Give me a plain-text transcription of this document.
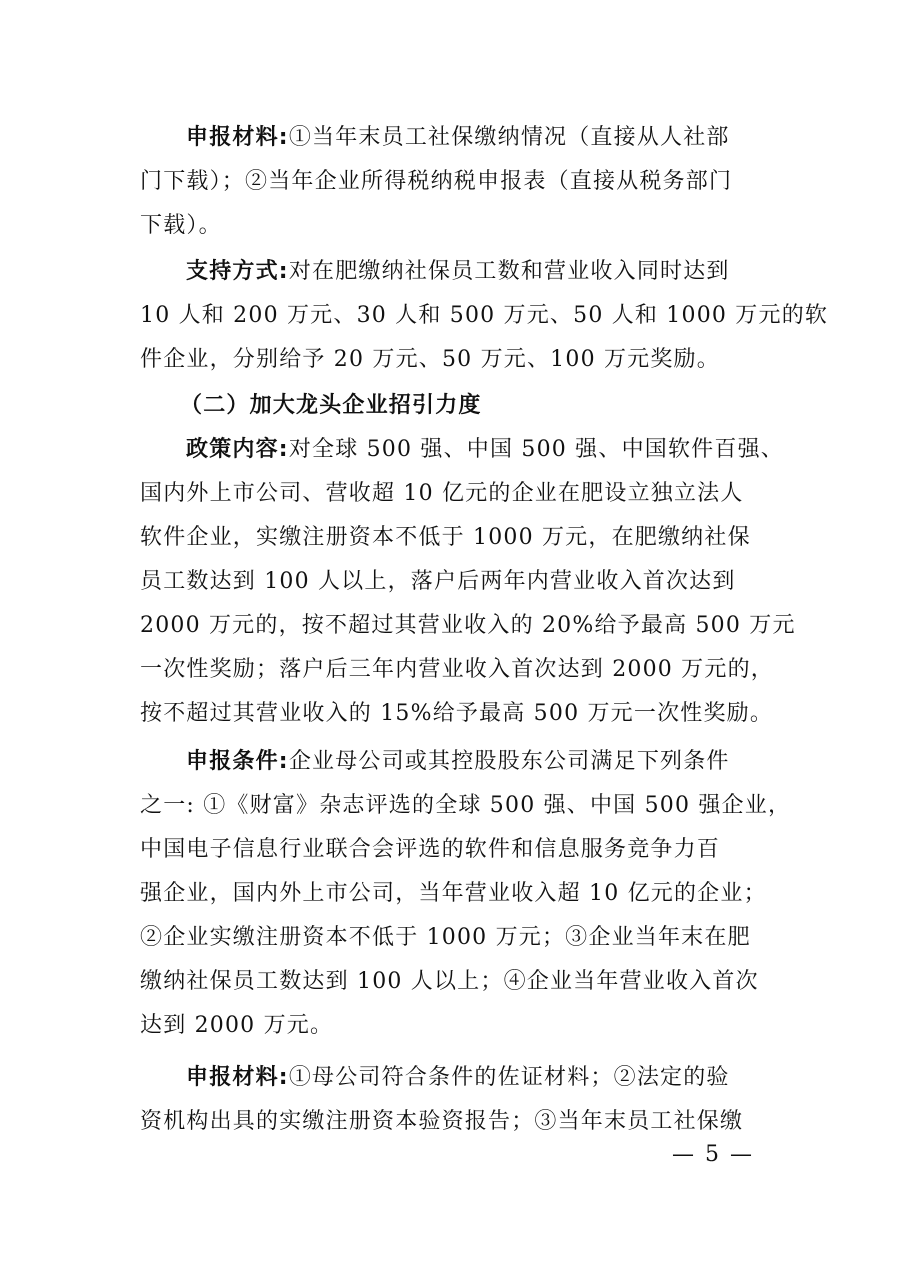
申报材料:①当年末员工社保缴纳情况（直接从人社部
门下载）；②当年企业所得税纳税申报表（直接从税务部门
下载）。
支持方式:对在肥缴纳社保员工数和营业收入同时达到
10 人和 200 万元、30 人和 500 万元、50 人和 1000 万元的软
件企业，分别给予 20 万元、50 万元、100 万元奖励。
（二）加大龙头企业招引力度
政策内容:对全球 500 强、中国 500 强、中国软件百强、
国内外上市公司、营收超 10 亿元的企业在肥设立独立法人
软件企业，实缴注册资本不低于 1000 万元，在肥缴纳社保
员工数达到 100 人以上，落户后两年内营业收入首次达到
2000 万元的，按不超过其营业收入的 20%给予最高 500 万元
一次性奖励；落户后三年内营业收入首次达到 2000 万元的，
按不超过其营业收入的 15%给予最高 500 万元一次性奖励。
申报条件:企业母公司或其控股股东公司满足下列条件
之一: ①《财富》杂志评选的全球 500 强、中国 500 强企业，
中国电子信息行业联合会评选的软件和信息服务竞争力百
强企业，国内外上市公司，当年营业收入超 10 亿元的企业；
②企业实缴注册资本不低于 1000 万元；③企业当年末在肥
缴纳社保员工数达到 100 人以上；④企业当年营业收入首次
达到 2000 万元。
申报材料:①母公司符合条件的佐证材料；②法定的验
资机构出具的实缴注册资本验资报告；③当年末员工社保缴
— 5 —
